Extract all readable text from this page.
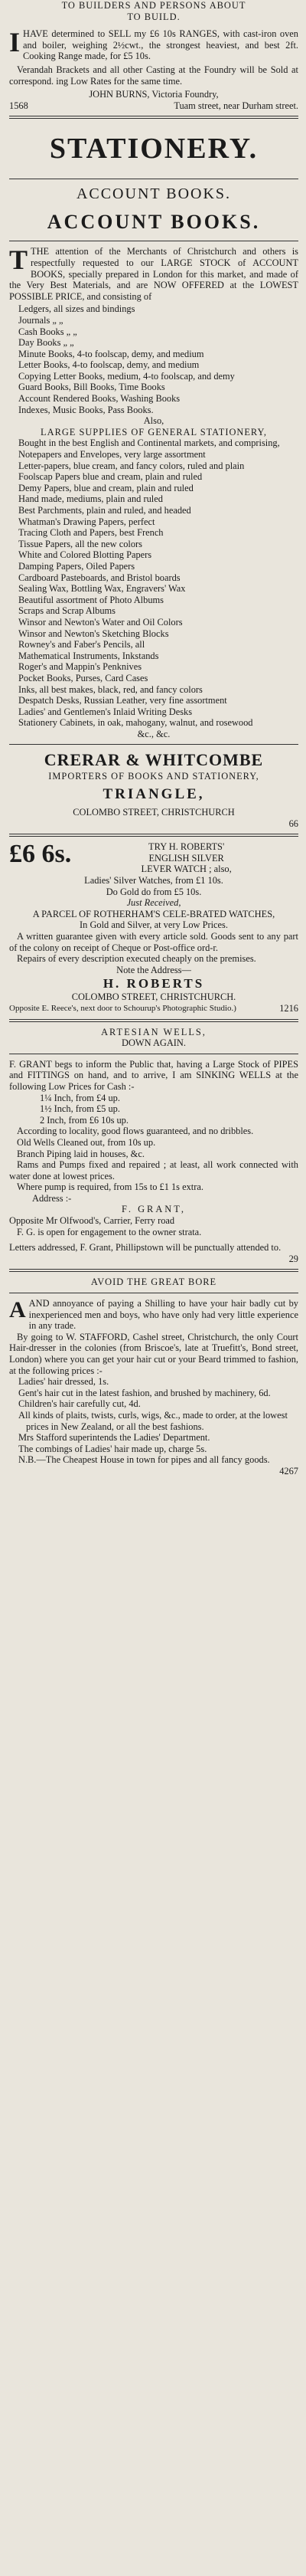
TO BUILDERS AND PERSONS ABOUT
TO BUILD.
I HAVE determined to SELL my £6 10s RANGES, with cast-iron oven and boiler, weighing 2½cwt., the strongest heaviest, and best 2ft. Cooking Range made, for £5 10s.
Verandah Brackets and all other Casting at the Foundry will be Sold at correspond. ing Low Rates for the same time.
JOHN BURNS, Victoria Foundry,
1568	Tuam street, near Durham street.
STATIONERY.
ACCOUNT BOOKS.
ACCOUNT BOOKS.
T THE attention of the Merchants of Christchurch and others is respectfully requested to our LARGE STOCK of ACCOUNT BOOKS, specially prepared in London for this market, and made of the Very Best Materials, and are NOW OFFERED at the LOWEST POSSIBLE PRICE, and consisting of
Ledgers, all sizes and bindings
Journals „ „
Cash Books „ „
Day Books „ „
Minute Books, 4-to foolscap, demy, and medium
Letter Books, 4-to foolscap, demy, and medium
Copying Letter Books, medium, 4-to foolscap, and demy
Guard Books, Bill Books, Time Books
Account Rendered Books, Washing Books
Indexes, Music Books, Pass Books.
Also,
LARGE SUPPLIES OF GENERAL STATIONERY,
Bought in the best English and Continental markets, and comprising,
Notepapers and Envelopes, very large assortment
Letter-papers, blue cream, and fancy colors, ruled and plain
Foolscap Papers blue and cream, plain and ruled
Demy Papers, blue and cream, plain and ruled
Hand made, mediums, plain and ruled
Best Parchments, plain and ruled, and headed
Whatman's Drawing Papers, perfect
Tracing Cloth and Papers, best French
Tissue Papers, all the new colors
White and Colored Blotting Papers
Damping Papers, Oiled Papers
Cardboard Pasteboards, and Bristol boards
Sealing Wax, Bottling Wax, Engravers' Wax
Beautiful assortment of Photo Albums
Scraps and Scrap Albums
Winsor and Newton's Water and Oil Colors
Winsor and Newton's Sketching Blocks
Rowney's and Faber's Pencils, all
Mathematical Instruments, Inkstands
Roger's and Mappin's Penknives
Pocket Books, Purses, Card Cases
Inks, all best makes, black, red, and fancy colors
Despatch Desks, Russian Leather, very fine assortment
Ladies' and Gentlemen's Inlaid Writing Desks
Stationery Cabinets, in oak, mahogany, walnut, and rosewood
&c., &c.
CRERAR & WHITCOMBE
IMPORTERS OF BOOKS AND STATIONERY,
TRIANGLE,
COLOMBO STREET, CHRISTCHURCH
66
£6 6s.	TRY H. ROBERTS'
ENGLISH SILVER
LEVER WATCH ; also,
Ladies' Silver Watches, from £1 10s.
Do Gold do from £5 10s.
Just Received,
A PARCEL OF ROTHERHAM'S CELE-BRATED WATCHES,
In Gold and Silver, at very Low Prices.
A written guarantee given with every article sold. Goods sent to any part of the colony on receipt of Cheque or Post-office ord-r.
Repairs of every description executed cheaply on the premises.
Note the Address—
H. ROBERTS
COLOMBO STREET, CHRISTCHURCH.
Opposite E. Reece's, next door to Schourup's Photographic Studio.)	1216
ARTESIAN WELLS,
DOWN AGAIN.
F. GRANT begs to inform the Public that, having a Large Stock of PIPES and FITTINGS on hand, and to arrive, I am SINKING WELLS at the following Low Prices for Cash :-
1¼ Inch, from £4 up.
1½ Inch, from £5 up.
2 Inch, from £6 10s up.
According to locality, good flows guaranteed, and no dribbles.
Old Wells Cleaned out, from 10s up.
Branch Piping laid in houses, &c.
Rams and Pumps fixed and repaired ; at least, all work connected with water done at lowest prices.
Where pump is required, from 15s to £1 1s extra.
Address :-
F. GRANT,
Opposite Mr Olfwood's, Carrier, Ferry road
F. G. is open for engagement to the owner strata.
Letters addressed, F. Grant, Phillipstown will be punctually attended to.
29
AVOID THE GREAT BORE
A AND annoyance of paying a Shilling to have your hair badly cut by inexperienced men and boys, who have only had very little experience in any trade.
By going to W. STAFFORD, Cashel street, Christchurch, the only Court Hair-dresser in the colonies (from Briscoe's, late at Truefitt's, Bond street, London) where you can get your hair cut or your Beard trimmed to fashion, at the following prices :-
Ladies' hair dressed, 1s.
Gent's hair cut in the latest fashion, and brushed by machinery, 6d.
Children's hair carefully cut, 4d.
All kinds of plaits, twists, curls, wigs, &c., made to order, at the lowest prices in New Zealand, or all the best fashions.
Mrs Stafford superintends the Ladies' Department.
The combings of Ladies' hair made up, charge 5s.
N.B.—The Cheapest House in town for pipes and all fancy goods.
4267
